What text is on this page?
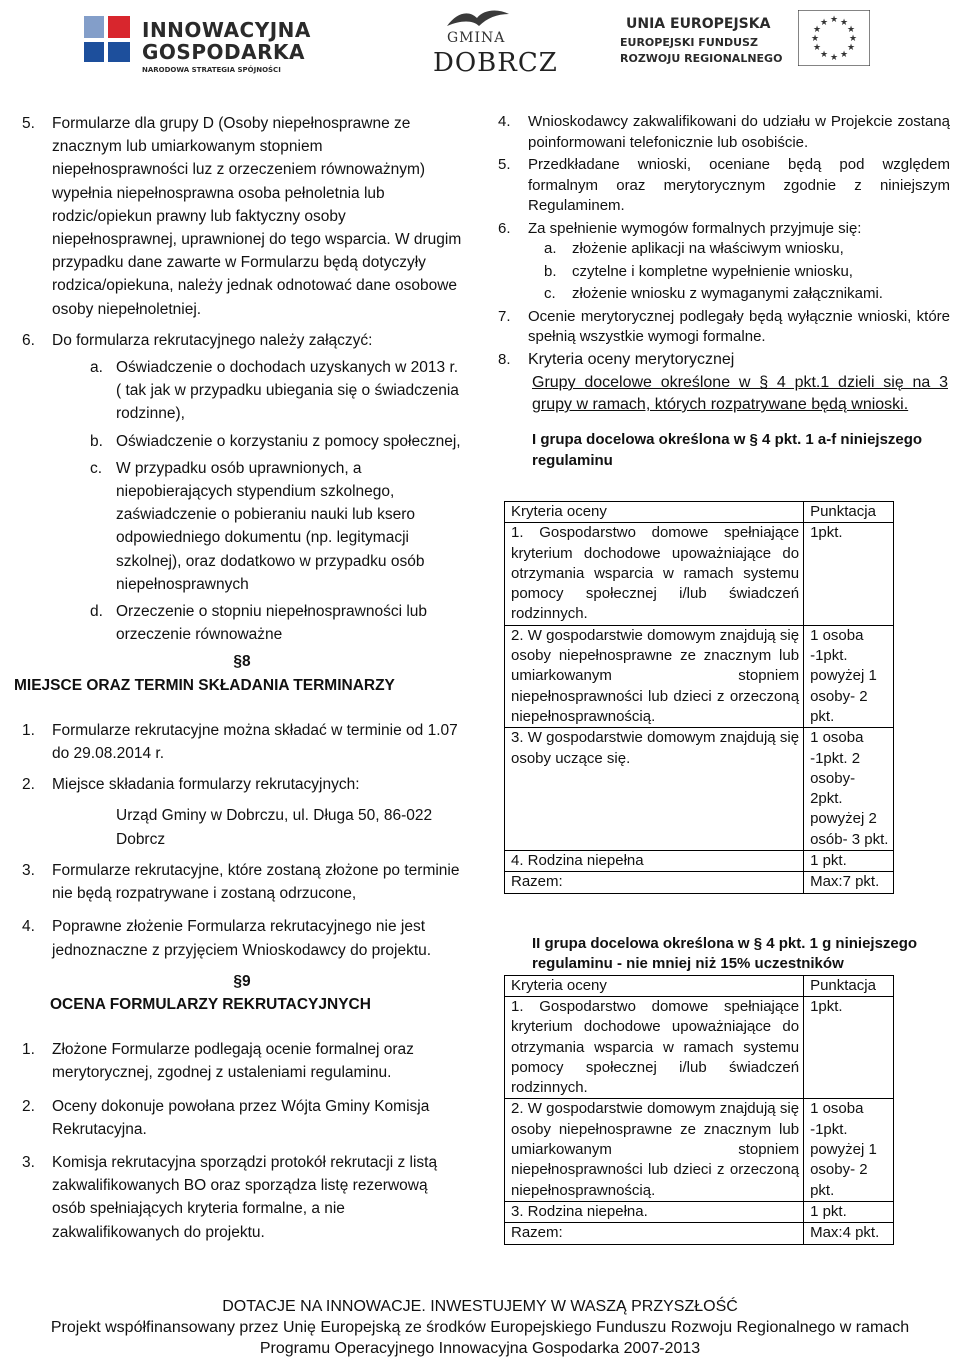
INNOWACYJNA
GOSPODARKA
NARODOWA STRATEGIA SPÓJNOŚCI
GMINA
DOBRCZ
UNIA EUROPEJSKA
EUROPEJSKI FUNDUSZ
ROZWOJU REGIONALNEGO
★ ★
★
★
★
★
★
★
★
★
★
★
5. Formularze dla grupy D (Osoby niepełnosprawne ze znacznym lub umiarkowanym stopniem niepełnosprawności luz z orzeczeniem równoważnym) wypełnia niepełnosprawna osoba pełnoletnia lub rodzic/opiekun prawny lub faktyczny osoby niepełnosprawnej, uprawnionej do tego wsparcia. W drugim przypadku dane zawarte w Formularzu będą dotyczyły rodzica/opiekuna, należy jednak odnotować dane osobowe osoby niepełnoletniej.
6. Do formularza rekrutacyjnego należy załączyć:
a. Oświadczenie o dochodach uzyskanych w 2013 r. ( tak jak w przypadku ubiegania się o świadczenia rodzinne),
b. Oświadczenie o korzystaniu z pomocy społecznej,
c. W przypadku osób uprawnionych, a niepobierających stypendium szkolnego, zaświadczenie o pobieraniu nauki lub ksero odpowiedniego dokumentu (np. legitymacji szkolnej), oraz dodatkowo w przypadku osób niepełnosprawnych
d. Orzeczenie o stopniu niepełnosprawności lub orzeczenie równoważne
§8
MIEJSCE ORAZ TERMIN SKŁADANIA TERMINARZY
1. Formularze rekrutacyjne można składać w terminie od 1.07 do 29.08.2014 r.
2. Miejsce składania formularzy rekrutacyjnych:
Urząd Gminy w Dobrczu, ul. Długa 50, 86-022 Dobrcz
3. Formularze rekrutacyjne, które zostaną złożone po terminie nie będą rozpatrywane i zostaną odrzucone,
4. Poprawne złożenie Formularza rekrutacyjnego nie jest jednoznaczne z przyjęciem Wnioskodawcy do projektu.
§9
OCENA FORMULARZY REKRUTACYJNYCH
1. Złożone Formularze podlegają ocenie formalnej oraz merytorycznej, zgodnej z ustaleniami regulaminu.
2. Oceny dokonuje powołana przez Wójta Gminy Komisja Rekrutacyjna.
3. Komisja rekrutacyjna sporządzi protokół rekrutacji z listą zakwalifikowanych BO oraz sporządza listę rezerwową osób spełniających kryteria formalne, a nie zakwalifikowanych do projektu.
4. Wnioskodawcy zakwalifikowani do udziału w Projekcie zostaną poinformowani telefonicznie lub osobiście.
5. Przedkładane wnioski, oceniane będą pod względem formalnym oraz merytorycznym zgodnie z niniejszym Regulaminem.
6. Za spełnienie wymogów formalnych przyjmuje się:
a. złożenie aplikacji na właściwym wniosku,
b. czytelne i kompletne wypełnienie wniosku,
c. złożenie wniosku z wymaganymi załącznikami.
7. Ocenie merytorycznej podlegały będą wyłącznie wnioski, które spełnią wszystkie wymogi formalne.
8. Kryteria oceny merytorycznej
Grupy docelowe określone w § 4 pkt.1 dzieli się na 3 grupy w ramach, których rozpatrywane będą wnioski.
I grupa docelowa określona w § 4 pkt. 1 a-f niniejszego regulaminu
Kryteria oceny	Punktacja
1. Gospodarstwo domowe spełniające kryterium dochodowe upoważniające do otrzymania wsparcia w ramach systemu pomocy społecznej i/lub świadczeń rodzinnych.	1pkt.
2. W gospodarstwie domowym znajdują się osoby niepełnosprawne ze znacznym lub umiarkowanym stopniem niepełnosprawności lub dzieci z orzeczoną niepełnosprawnością.	1 osoba -1pkt. powyżej 1 osoby- 2 pkt.
3. W gospodarstwie domowym znajdują się osoby uczące się.	1 osoba -1pkt. 2 osoby- 2pkt. powyżej 2 osób- 3 pkt.
4. Rodzina niepełna	1 pkt.
Razem:	Max:7 pkt.
II grupa docelowa określona w § 4 pkt. 1 g niniejszego regulaminu - nie mniej niż 15% uczestników
Kryteria oceny	Punktacja
1. Gospodarstwo domowe spełniające kryterium dochodowe upoważniające do otrzymania wsparcia w ramach systemu pomocy społecznej i/lub świadczeń rodzinnych.	1pkt.
2. W gospodarstwie domowym znajdują się osoby niepełnosprawne ze znacznym lub umiarkowanym stopniem niepełnosprawności lub dzieci z orzeczoną niepełnosprawnością.	1 osoba -1pkt. powyżej 1 osoby- 2 pkt.
3. Rodzina niepełna.	1 pkt.
Razem:	Max:4 pkt.
DOTACJE NA INNOWACJE. INWESTUJEMY W WASZĄ PRZYSZŁOŚĆ
Projekt współfinansowany przez Unię Europejską ze środków Europejskiego Funduszu Rozwoju Regionalnego w ramach
Programu Operacyjnego Innowacyjna Gospodarka 2007-2013
